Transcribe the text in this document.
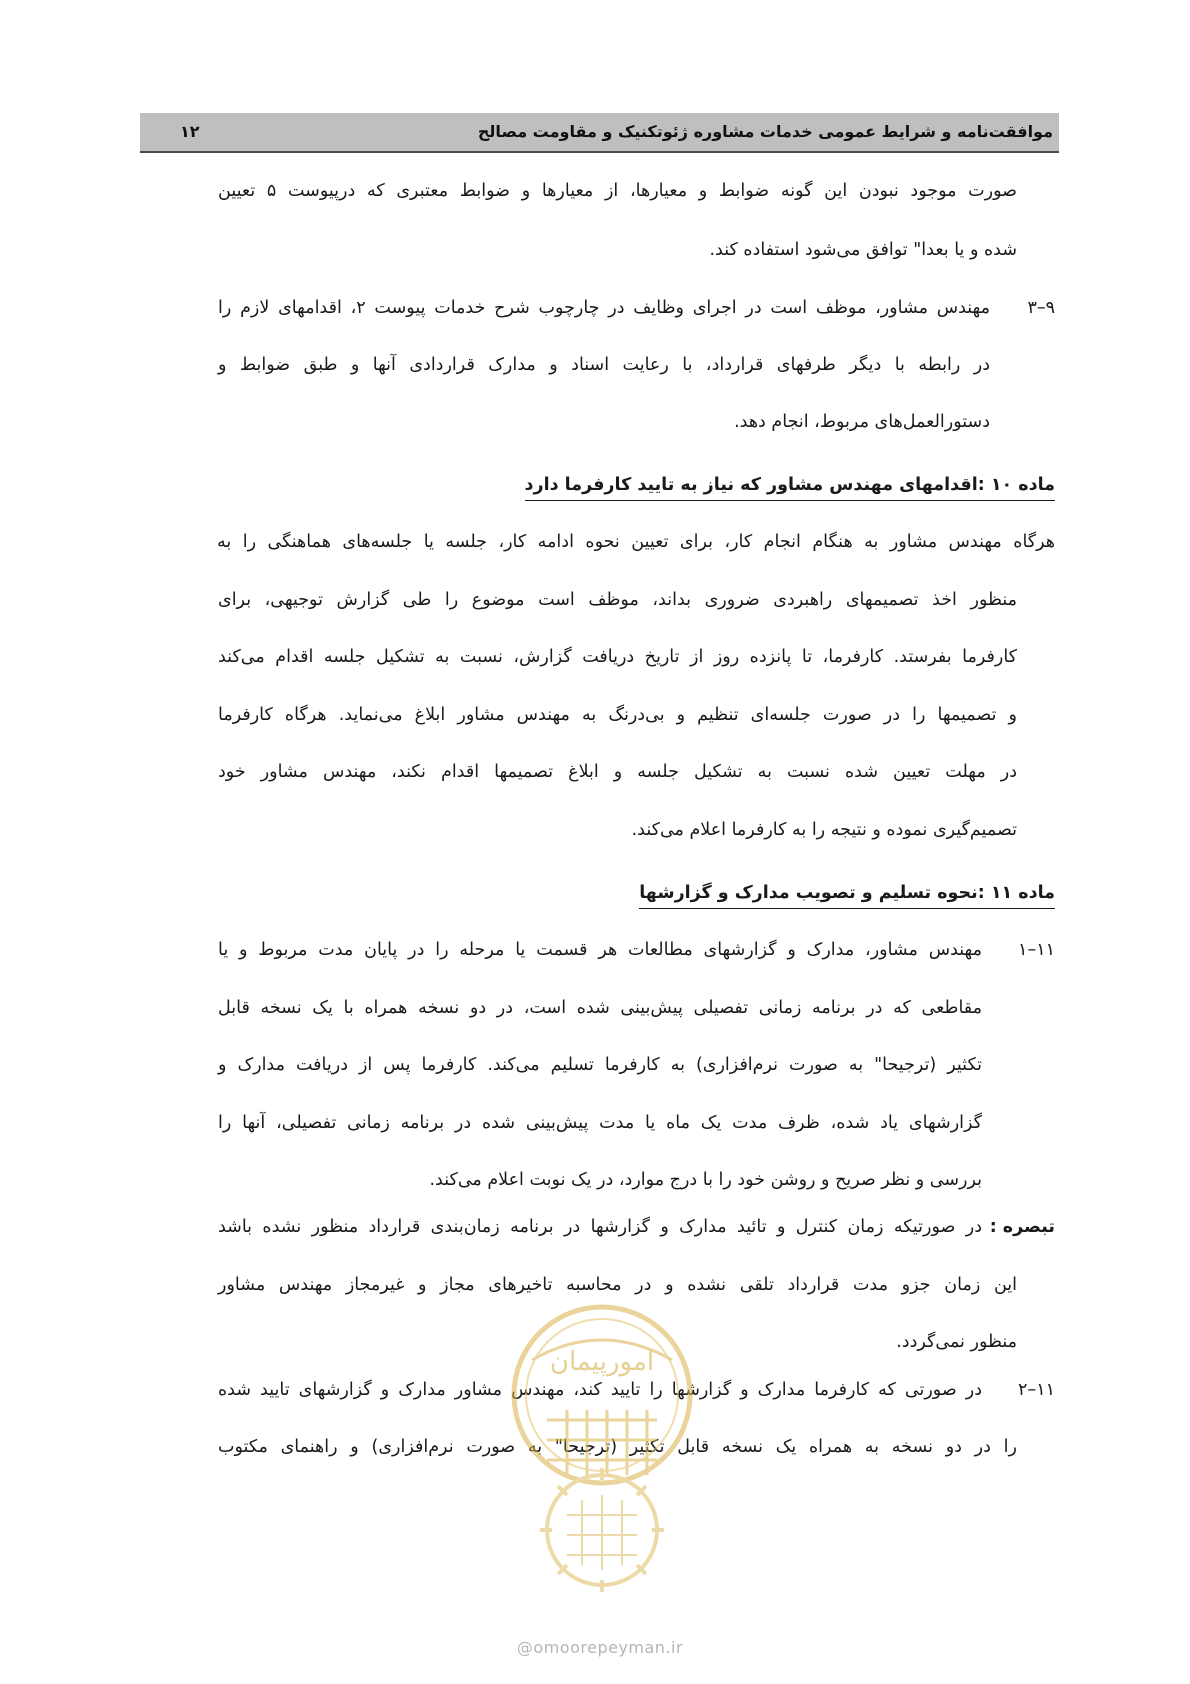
موافقت‌نامه و شرایط عمومی خدمات مشاوره ژئوتکنیک و مقاومت مصالح
۱۲
صورت موجود نبودن این گونه ضوابط و معیارها، از معیارها و ضوابط معتبری که درپیوست ۵ تعیین
شده و یا بعدا" توافق می‌شود استفاده کند.
۹–۳
مهندس مشاور، موظف است در اجرای وظایف در چارچوب شرح خدمات پیوست ۲، اقدامهای لازم را
در رابطه با دیگر طرفهای قرارداد، با رعایت اسناد و مدارک قراردادی آنها و طبق ضوابط و
دستورالعمل‌های مربوط، انجام دهد.
ماده ۱۰ :اقدامهای مهندس مشاور که نیاز به تایید کارفرما دارد
هرگاه مهندس مشاور به هنگام انجام کار، برای تعیین نحوه ادامه کار، جلسه یا جلسه‌های هماهنگی را به
منظور اخذ تصمیمهای راهبردی ضروری بداند، موظف است موضوع را طی گزارش توجیهی، برای
کارفرما بفرستد. کارفرما، تا پانزده روز از تاریخ دریافت گزارش، نسبت به تشکیل جلسه اقدام می‌کند
و تصمیمها را در صورت جلسه‌ای تنظیم و بی‌درنگ به مهندس مشاور ابلاغ می‌نماید. هرگاه کارفرما
در مهلت تعیین شده نسبت به تشکیل جلسه و ابلاغ تصمیمها اقدام نکند، مهندس مشاور خود
تصمیم‌گیری نموده و نتیجه را به کارفرما اعلام می‌کند.
ماده ۱۱ :نحوه تسلیم و تصویب مدارک و گزارشها
۱۱–۱
مهندس مشاور، مدارک و گزارشهای مطالعات هر قسمت یا مرحله را در پایان مدت مربوط و یا
مقاطعی که در برنامه زمانی تفصیلی پیش‌بینی شده است، در دو نسخه همراه با یک نسخه قابل
تکثیر (ترجیحا" به صورت نرم‌افزاری) به کارفرما تسلیم می‌کند. کارفرما پس از دریافت مدارک و
گزارشهای یاد شده، ظرف مدت یک ماه یا مدت پیش‌بینی شده در برنامه زمانی تفصیلی، آنها را
بررسی و نظر صریح و روشن خود را با درج موارد، در یک نوبت اعلام می‌کند.
تبصره :
در صورتیکه زمان کنترل و تائید مدارک و گزارشها در برنامه زمان‌بندی قرارداد منظور نشده باشد
این زمان جزو مدت قرارداد تلقی نشده و در محاسبه تاخیرهای مجاز و غیرمجاز مهندس مشاور
منظور نمی‌گردد.
۱۱–۲
در صورتی که کارفرما مدارک و گزارشها را تایید کند، مهندس مشاور مدارک و گزارشهای تایید شده
را در دو نسخه به همراه یک نسخه قابل تکثیر (ترجیحا" به صورت نرم‌افزاری) و راهنمای مکتوب
امورپیمان
@omoorepeyman.ir
